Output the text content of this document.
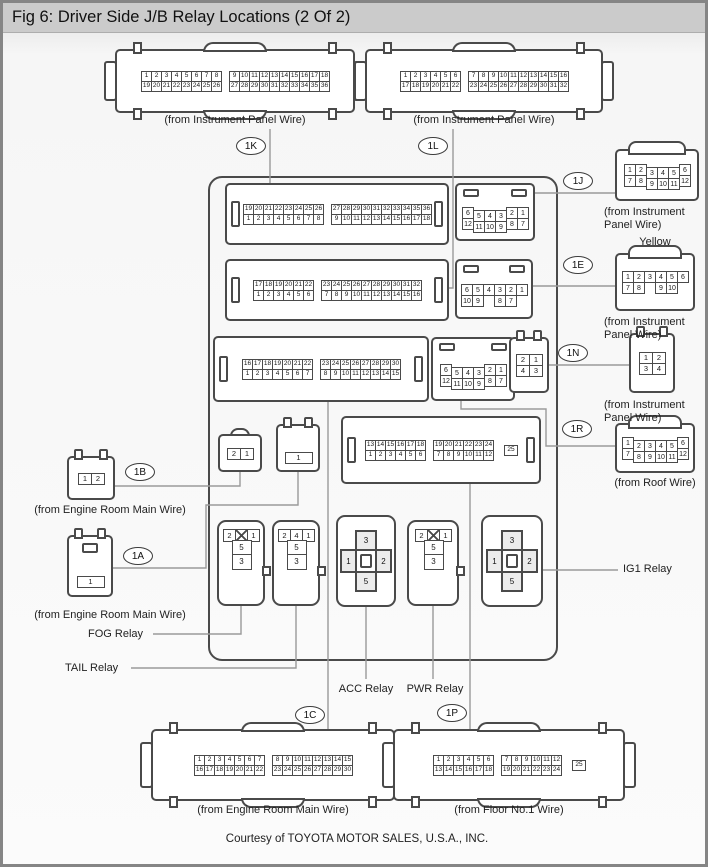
Fig 6: Driver Side J/B Relay Locations (2 Of 2)
1 2 3 4 5 6 7 8
19 20 21 22 23 24 25 26
9 10 11 12 13 14 15 16 17 18
27 28 29 30 31 32 33 34 35 36
1 2 3 4 5 6
17 18 19 20 21 22
7 8 9 10 11 12 13 14 15 16
23 24 25 26 27 28 29 30 31 32
(from Instrument Panel Wire)	(from Instrument Panel Wire)
19 20 21 22 23 24 25 26
1 2 3 4 5 6 7 8
27 28 29 30 31 32 33 34 35 36
9 10 11 12 13 14 15 16 17 18
17 18 19 20 21 22
1 2 3 4 5 6
23 24 25 26 27 28 29 30 31 32
7 8 9 10 11 12 13 14 15 16
16 17 18 19 20 21 22
1 2 3 4 5 6 7
23 24 25 26 27 28 29 30
8 9 10 11 12 13 14 15
13 14 15 16 17 18
1 2 3 4 5 6
19 20 21 22 23 24
7 8 9 10 11 12
25
6	5	4	3	2	1
12 11 10 9	8	7
6	5	4	3	2	1
10 9	8	7
6	5	4	3	2	1
12 11 10 9	8	7
2	1
4	3
2	1	1
1	2	3	4	5	6
7	8	9 10 11 12
1	2	3	4	5	6
7	8	9 10
1	2
3	4
1	2	3	4	5	6
7	8	9 10 11 12
(from Instrument Panel Wire)
Yellow
(from Instrument Panel Wire)
(from Instrument Panel Wire)
(from Roof Wire)
1	2
1
(from Engine Room Main Wire)
(from Engine Room Main Wire)
2	1
5
3
2	4	1
5
3
3
1	2
5
2	1
5
3
3
1	2
5
FOG Relay
TAIL Relay
ACC Relay	PWR Relay
IG1 Relay
1 2 3 4 5 6 7
16 17 18 19 20 21 22
8 9 10 11 12 13 14 15
23 24 25 26 27 28 29 30
1 2 3 4 5 6
13 14 15 16 17 18
7 8 9 10 11 12
19 20 21 22 23 24
25
(from Engine Room Main Wire)	(from Floor No.1 Wire)
1K	1L
1J
1E
1N
1R
1B
1A
1C	1P
Courtesy of TOYOTA MOTOR SALES, U.S.A., INC.
